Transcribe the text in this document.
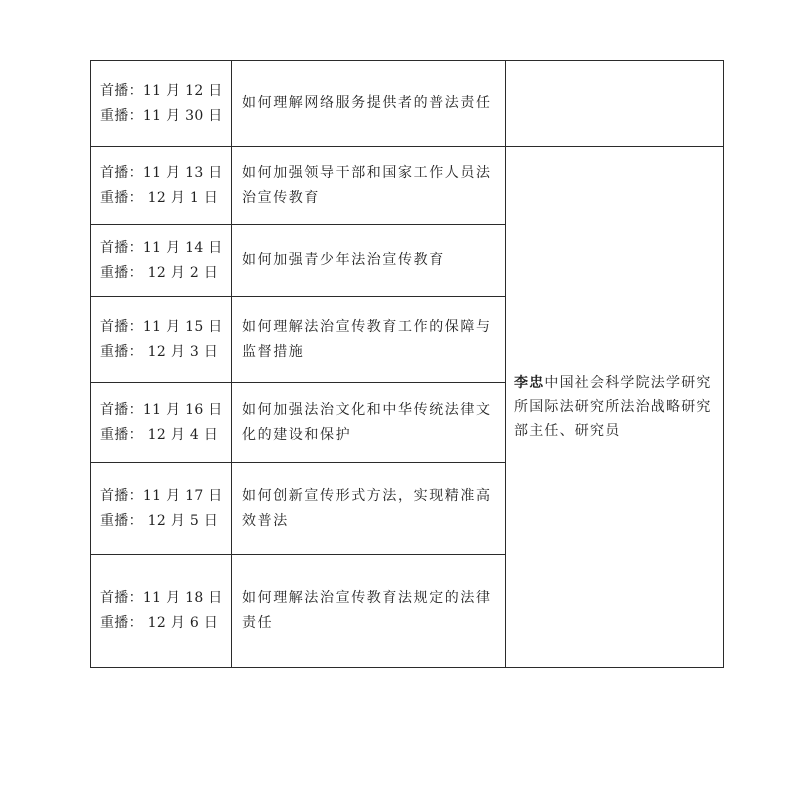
首播：11 月 12 日
重播：11 月 30 日	如何理解网络服务提供者的普法责任	

首播：11 月 13 日
重播： 12 月 1 日	如何加强领导干部和国家工作人员法治宣传教育	李忠中国社会科学院法学研究所国际法研究所法治战略研究部主任、研究员

首播：11 月 14 日
重播： 12 月 2 日	如何加强青少年法治宣传教育	

首播：11 月 15 日
重播： 12 月 3 日	如何理解法治宣传教育工作的保障与监督措施	

首播：11 月 16 日
重播： 12 月 4 日	如何加强法治文化和中华传统法律文化的建设和保护	

首播：11 月 17 日
重播： 12 月 5 日	如何创新宣传形式方法，实现精准高效普法	

首播：11 月 18 日
重播： 12 月 6 日	如何理解法治宣传教育法规定的法律责任	
